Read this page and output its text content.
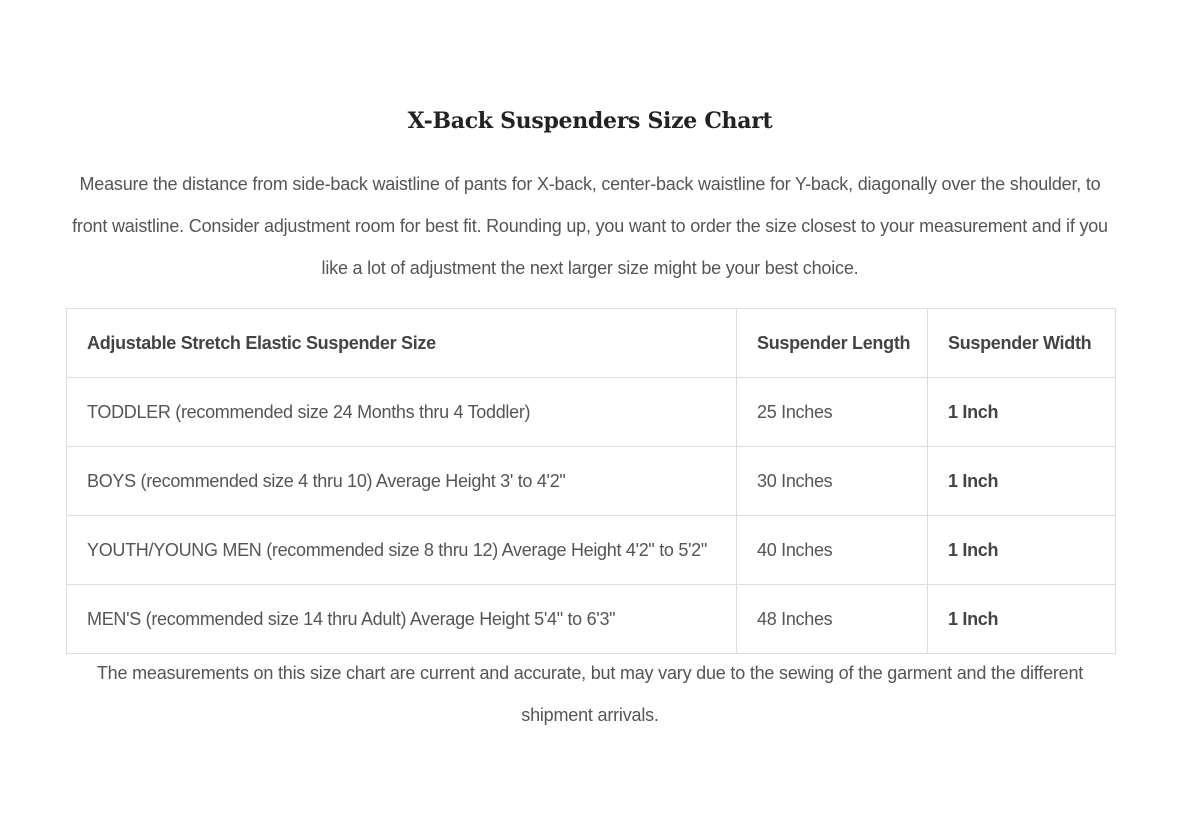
X-Back Suspenders Size Chart

Measure the distance from side-back waistline of pants for X-back, center-back waistline for Y-back, diagonally over the shoulder, to front waistline. Consider adjustment room for best fit. Rounding up, you want to order the size closest to your measurement and if you like a lot of adjustment the next larger size might be your best choice.

Adjustable Stretch Elastic Suspender Size	Suspender Length	Suspender Width
TODDLER (recommended size 24 Months thru 4 Toddler)	25 Inches	1 Inch
BOYS (recommended size 4 thru 10) Average Height 3' to 4'2"	30 Inches	1 Inch
YOUTH/YOUNG MEN (recommended size 8 thru 12) Average Height 4'2" to 5'2"	40 Inches	1 Inch
MEN'S (recommended size 14 thru Adult) Average Height 5'4" to 6'3"	48 Inches	1 Inch

The measurements on this size chart are current and accurate, but may vary due to the sewing of the garment and the different shipment arrivals.
